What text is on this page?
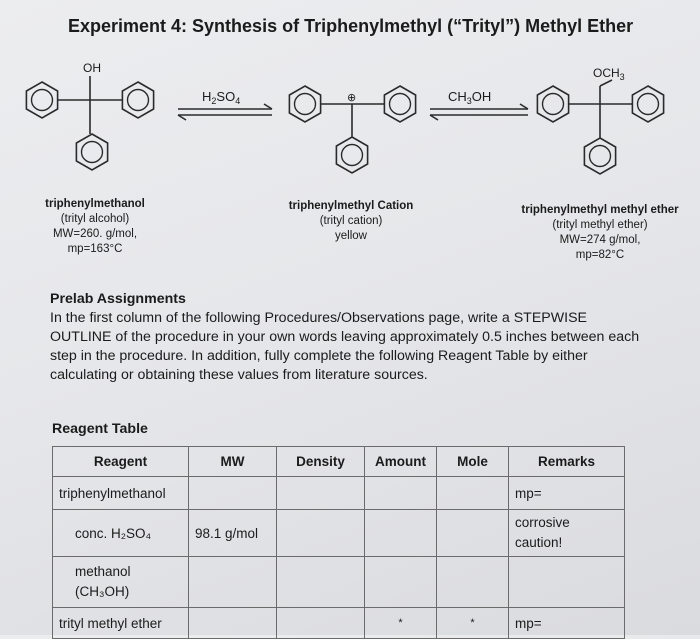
Experiment 4: Synthesis of Triphenylmethyl (“Trityl”) Methyl Ether
OH
$H_2SO_4$	⊕	$CH_3OH$
$OCH_3$
triphenylmethanol
(trityl alcohol)
MW=260. g/mol,
mp=163°C
triphenylmethyl Cation
(trityl cation)
yellow
triphenylmethyl methyl ether
(trityl methyl ether)
MW=274 g/mol,
mp=82°C
Prelab Assignments
In the first column of the following Procedures/Observations page, write a STEPWISE OUTLINE of the procedure in your own words leaving approximately 0.5 inches between each step in the procedure. In addition, fully complete the following Reagent Table by either calculating or obtaining these values from literature sources.
Reagent Table
Reagent	MW	Density	Amount	Mole	Remarks
triphenylmethanol					mp=
conc. H₂SO₄	98.1 g/mol				corrosive caution!
methanol (CH₃OH)					
trityl methyl ether			*	*	mp=
